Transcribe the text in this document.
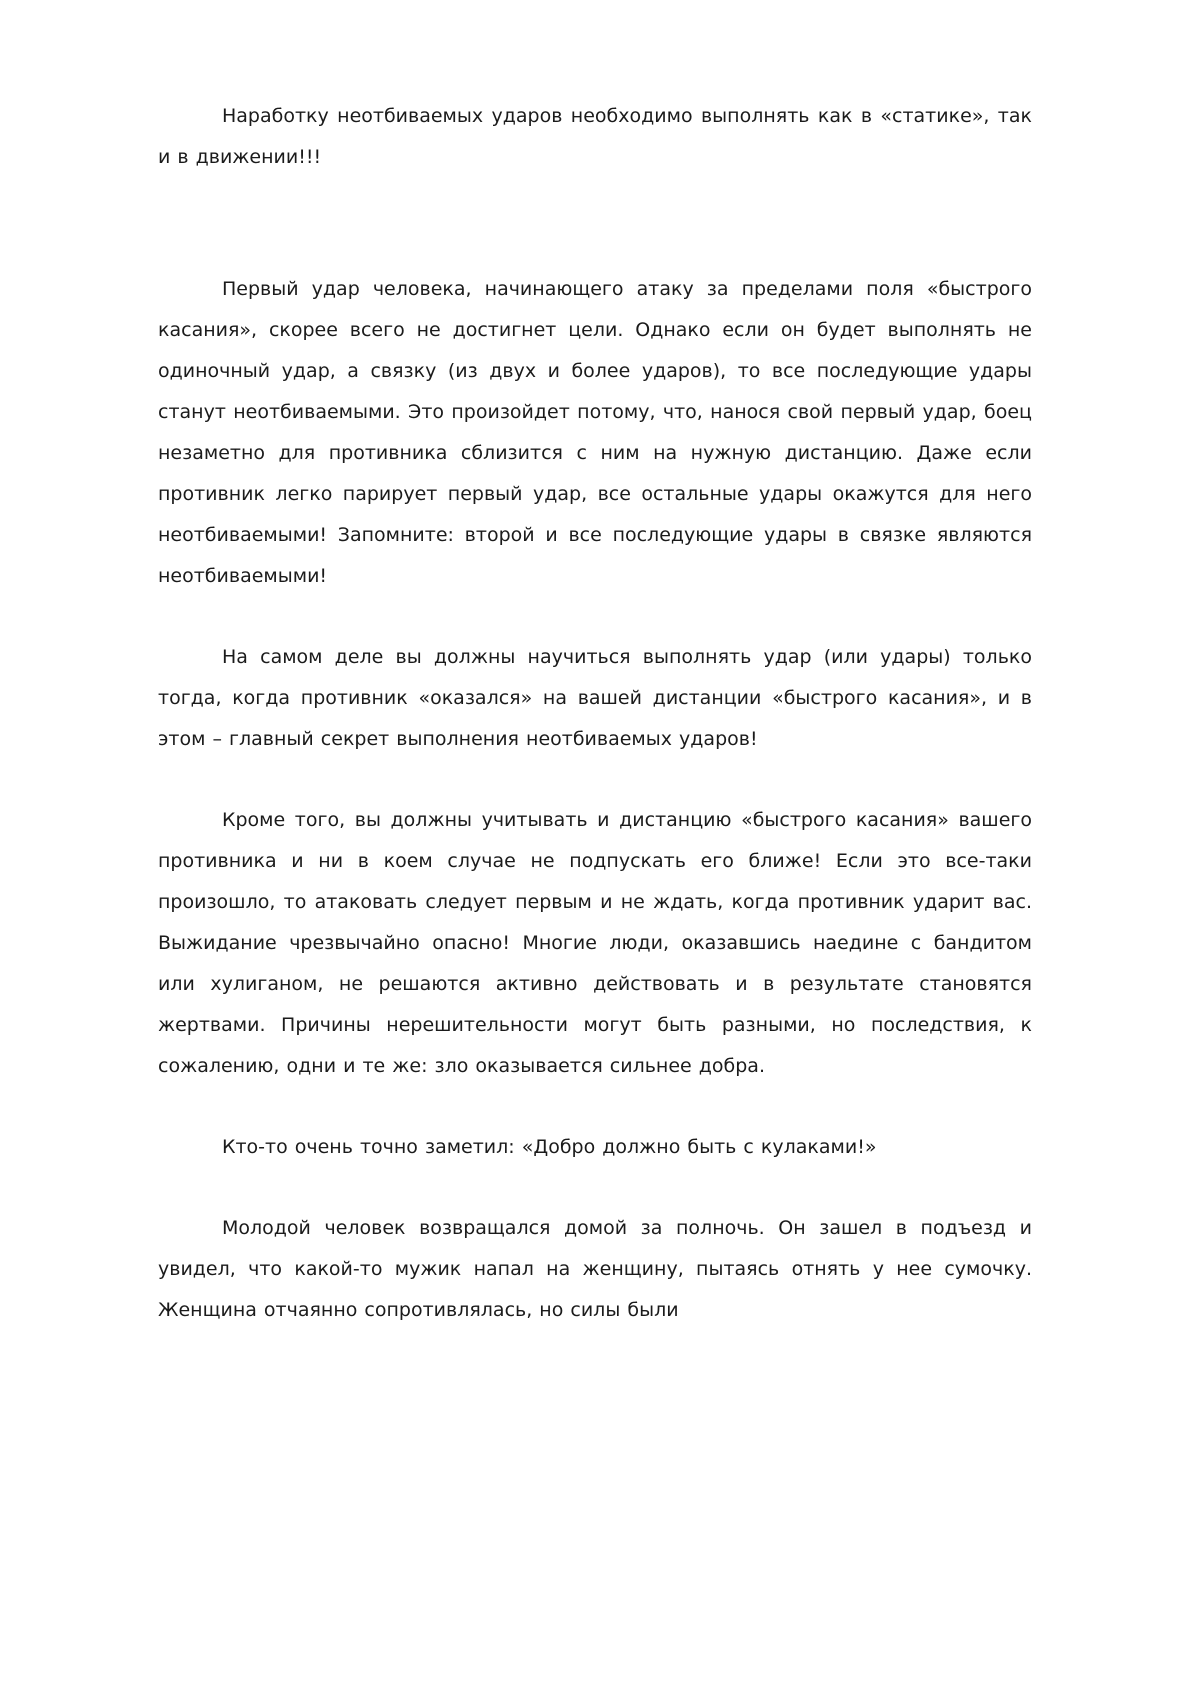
Наработку неотбиваемых ударов необходимо выполнять как в «статике», так и в движении!!!

Первый удар человека, начинающего атаку за пределами поля «быстрого касания», скорее всего не достигнет цели. Однако если он будет выполнять не одиночный удар, а связку (из двух и более ударов), то все последующие удары станут неотбиваемыми. Это произойдет потому, что, нанося свой первый удар, боец незаметно для противника сблизится с ним на нужную дистанцию. Даже если противник легко парирует первый удар, все остальные удары окажутся для него неотбиваемыми! Запомните: второй и все последующие удары в связке являются неотбиваемыми!

На самом деле вы должны научиться выполнять удар (или удары) только тогда, когда противник «оказался» на вашей дистанции «быстрого касания», и в этом – главный секрет выполнения неотбиваемых ударов!

Кроме того, вы должны учитывать и дистанцию «быстрого касания» вашего противника и ни в коем случае не подпускать его ближе! Если это все-таки произошло, то атаковать следует первым и не ждать, когда противник ударит вас. Выжидание чрезвычайно опасно! Многие люди, оказавшись наедине с бандитом или хулиганом, не решаются активно действовать и в результате становятся жертвами. Причины нерешительности могут быть разными, но последствия, к сожалению, одни и те же: зло оказывается сильнее добра.

Кто-то очень точно заметил: «Добро должно быть с кулаками!»

Молодой человек возвращался домой за полночь. Он зашел в подъезд и увидел, что какой-то мужик напал на женщину, пытаясь отнять у нее сумочку. Женщина отчаянно сопротивлялась, но силы были
